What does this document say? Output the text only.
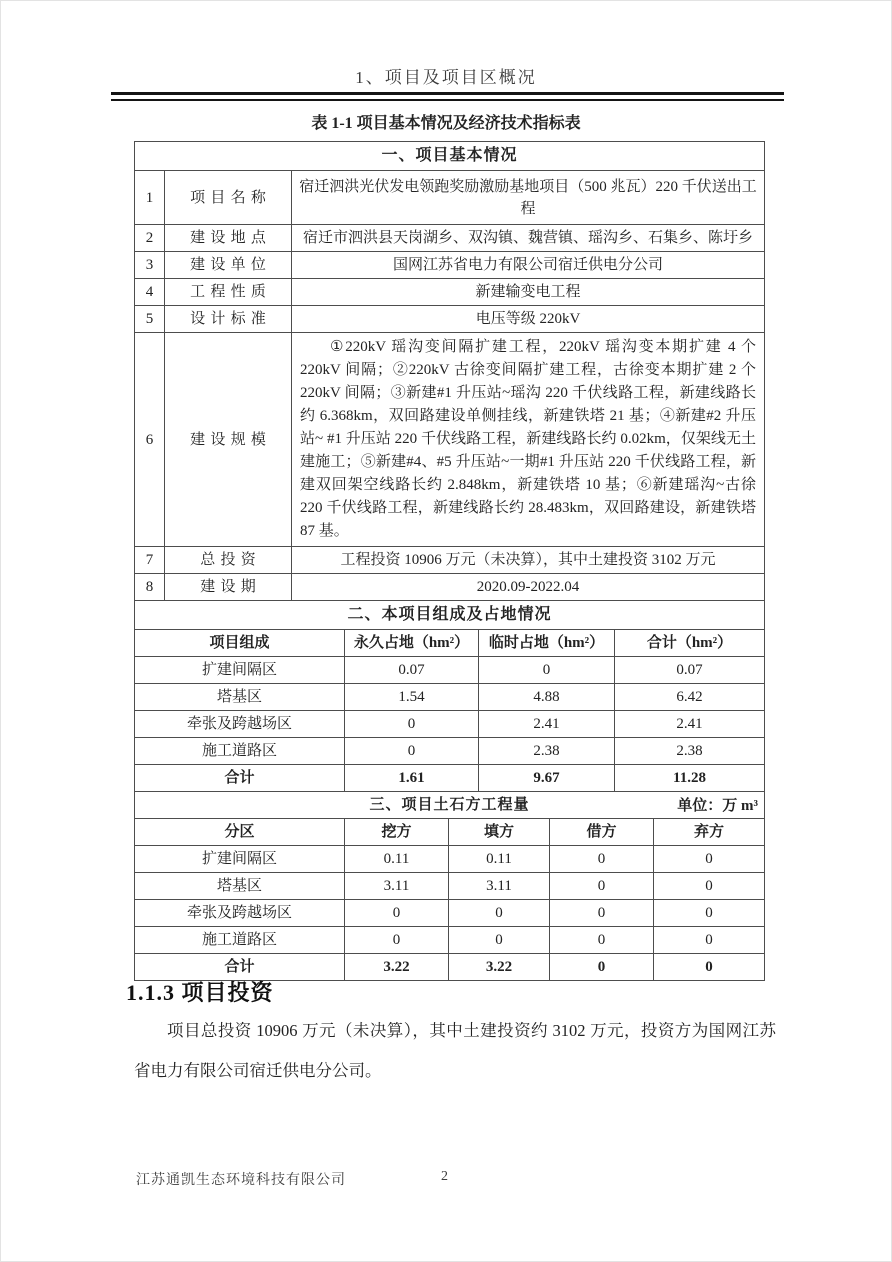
1、项目及项目区概况
表 1-1 项目基本情况及经济技术指标表
一、项目基本情况		
1	项目名称	宿迁泗洪光伏发电领跑奖励激励基地项目（500 兆瓦）220 千伏送出工程
2	建设地点	宿迁市泗洪县天岗湖乡、双沟镇、魏营镇、瑶沟乡、石集乡、陈圩乡
3	建设单位	国网江苏省电力有限公司宿迁供电分公司
4	工程性质	新建输变电工程
5	设计标准	电压等级 220kV
6	建设规模	①220kV 瑶沟变间隔扩建工程，220kV 瑶沟变本期扩建 4 个 220kV 间隔；②220kV 古徐变间隔扩建工程，古徐变本期扩建 2 个 220kV 间隔；③新建#1 升压站~瑶沟 220 千伏线路工程，新建线路长约 6.368km，双回路建设单侧挂线，新建铁塔 21 基；④新建#2 升压站~ #1 升压站 220 千伏线路工程，新建线路长约 0.02km，仅架线无土建施工；⑤新建#4、#5 升压站~一期#1 升压站 220 千伏线路工程，新建双回架空线路长约 2.848km，新建铁塔 10 基；⑥新建瑶沟~古徐 220 千伏线路工程，新建线路长约 28.483km，双回路建设，新建铁塔 87 基。
7	总投资	工程投资 10906 万元（未决算），其中土建投资 3102 万元
8	建设期	2020.09-2022.04
二、本项目组成及占地情况			
项目组成	永久占地（hm²）	临时占地（hm²）	合计（hm²）
扩建间隔区	0.07	0	0.07
塔基区	1.54	4.88	6.42
牵张及跨越场区	0	2.41	2.41
施工道路区	0	2.38	2.38
合计	1.61	9.67	11.28
三、项目土石方工程量 单位：万 m³				

分区	挖方	填方	借方	弃方
扩建间隔区	0.11	0.11	0	0
塔基区	3.11	3.11	0	0
牵张及跨越场区	0	0	0	0
施工道路区	0	0	0	0
合计	3.22	3.22	0	0
1.1.3 项目投资
项目总投资 10906 万元（未决算），其中土建投资约 3102 万元，投资方为国网江苏省电力有限公司宿迁供电分公司。
江苏通凯生态环境科技有限公司	2
